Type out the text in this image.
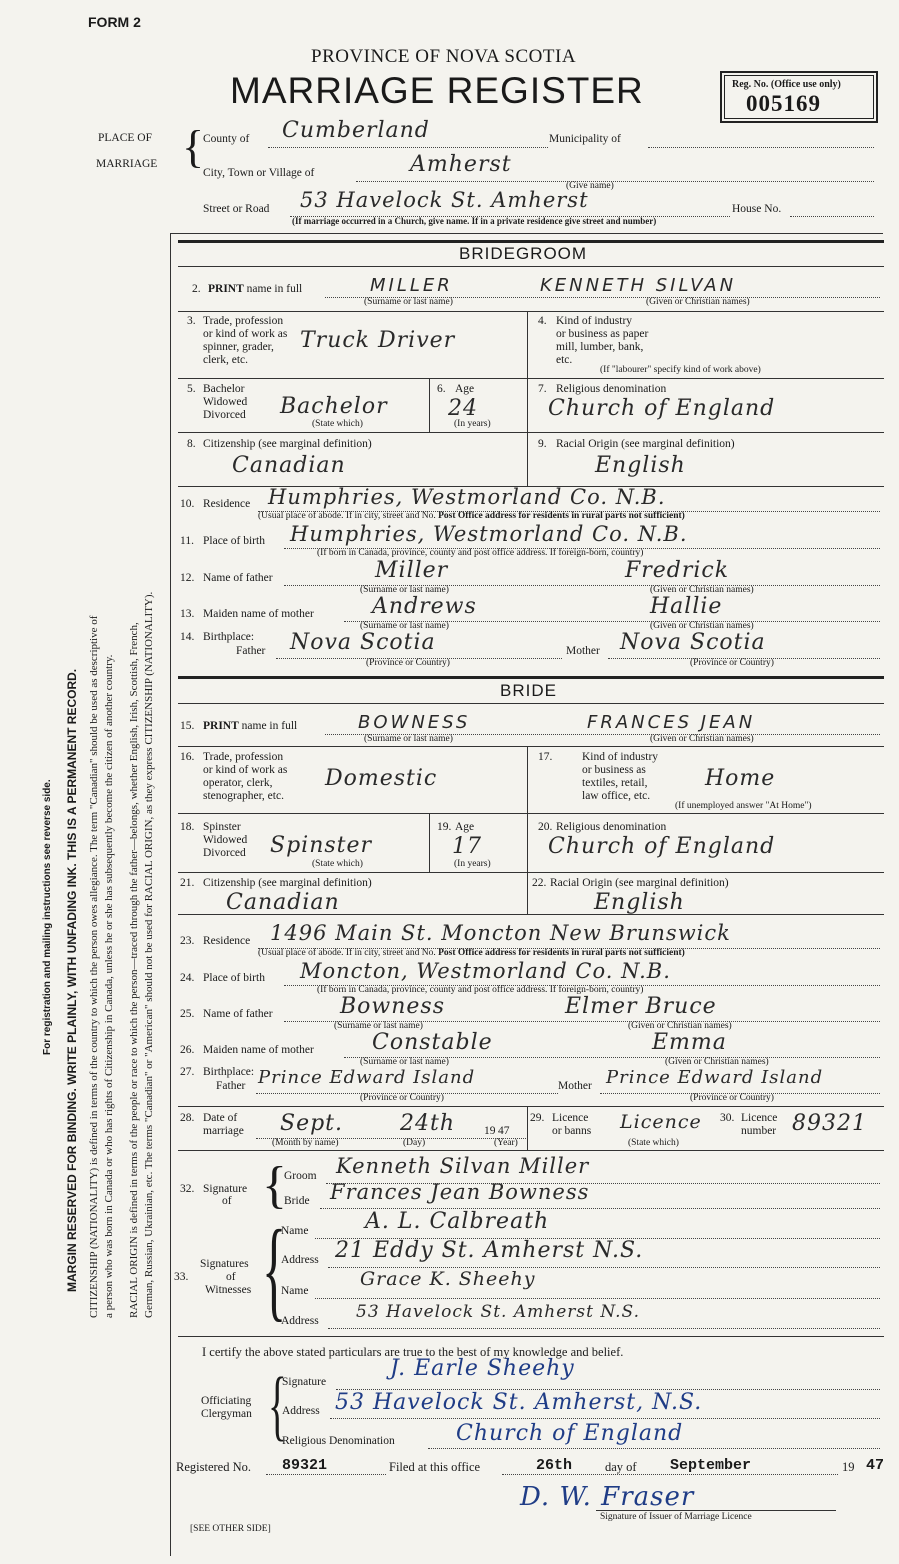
FORM 2
PROVINCE OF NOVA SCOTIA
MARRIAGE REGISTER	Reg. No. (Office use only)
005169
For registration and mailing instructions see reverse side. MARGIN RESERVED FOR BINDING. WRITE PLAINLY, WITH UNFADING INK. THIS IS A PERMANENT RECORD. CITIZENSHIP (NATIONALITY) is defined in terms of the country to which the person owes allegiance. The term "Canadian" should be used as descriptive of a person who was born in Canada or who has rights of Citizenship in Canada, unless he or she has subsequently become the citizen of another country. RACIAL ORIGIN is defined in terms of the people or race to which the person—traced through the father—belongs, whether English, Irish, Scottish, French, German, Russian, Ukrainian, etc. The terms "Canadian" or "American" should not be used for RACIAL ORIGIN, as they express CITIZENSHIP (NATIONALITY).
PLACE OF
MARRIAGE {
County of Cumberland	Municipality of
City, Town or Village of	Amherst
(Give name)
Street or Road 53 Havelock St. Amherst	House No.
(If marriage occurred in a Church, give name. If in a private residence give street and number)
BRIDEGROOM
2. PRINT name in full	MILLER	KENNETH SILVAN
(Surname or last name)	(Given or Christian names)
3. Trade, profession
or kind of work as
spinner, grader,
clerk, etc.
Truck Driver
4. Kind of industry
or business as paper
mill, lumber, bank,
etc.
(If "labourer" specify kind of work above)
5. Bachelor
Widowed
Divorced Bachelor
(State which)
6. Age
24
(In years)
7. Religious denomination
Church of England
8. Citizenship (see marginal definition)
Canadian
9. Racial Origin (see marginal definition)
English
10. Residence Humphries, Westmorland Co. N.B.
(Usual place of abode. If in city, street and No. Post Office address for residents in rural parts not sufficient)
11. Place of birth Humphries, Westmorland Co. N.B.
(If born in Canada, province, county and post office address. If foreign-born, country)
12. Name of father	Miller	Fredrick
(Surname or last name)	(Given or Christian names)
13. Maiden name of mother	Andrews	Hallie
(Surname or last name)	(Given or Christian names)
14. Birthplace:
Father Nova Scotia	Mother Nova Scotia
(Province or Country)	(Province or Country)
BRIDE
15. PRINT name in full	BOWNESS	FRANCES JEAN
(Surname or last name)	(Given or Christian names)
16. Trade, profession
or kind of work as
operator, clerk,
stenographer, etc.
Domestic
17.	Kind of industry
or business as
textiles, retail,
law office, etc.
Home
(If unemployed answer "At Home")
18. Spinster
Widowed
Divorced Spinster
(State which)
19. Age
17
(In years)
20. Religious denomination
Church of England
21. Citizenship (see marginal definition)
Canadian
22. Racial Origin (see marginal definition)
English
23. Residence 1496 Main St. Moncton New Brunswick
(Usual place of abode. If in city, street and No. Post Office address for residents in rural parts not sufficient)
24. Place of birth Moncton, Westmorland Co. N.B.
(If born in Canada, province, county and post office address. If foreign-born, country)
25. Name of father	Bowness	Elmer Bruce
(Surname or last name)	(Given or Christian names)
26. Maiden name of mother	Constable	Emma
(Surname or last name)	(Given or Christian names)
27. Birthplace:
Father Prince Edward Island	Mother Prince Edward Island
(Province or Country)	(Province or Country)
28. Date of
marriage Sept.	24th	19 47
(Month by name)	(Day)	(Year)
29. Licence
or banns Licence
(State which)
30. Licence
number 89321
32. Signature
of {
Groom Kenneth Silvan Miller
Bride Frances Jean Bowness
33.
Signatures
of
Witnesses {
Name	A. L. Calbreath
Address 21 Eddy St. Amherst N.S.
Name
Grace K. Sheehy
Address 53 Havelock St. Amherst N.S.
I certify the above stated particulars are true to the best of my knowledge and belief.
Officiating
Clergyman {
Signature
J. Earle Sheehy
Address 53 Havelock St. Amherst, N.S.
Religious Denomination	Church of England
Registered No. 89321	Filed at this office	26th	day of September	19 47
D. W. Fraser
Signature of Issuer of Marriage Licence
[SEE OTHER SIDE]
